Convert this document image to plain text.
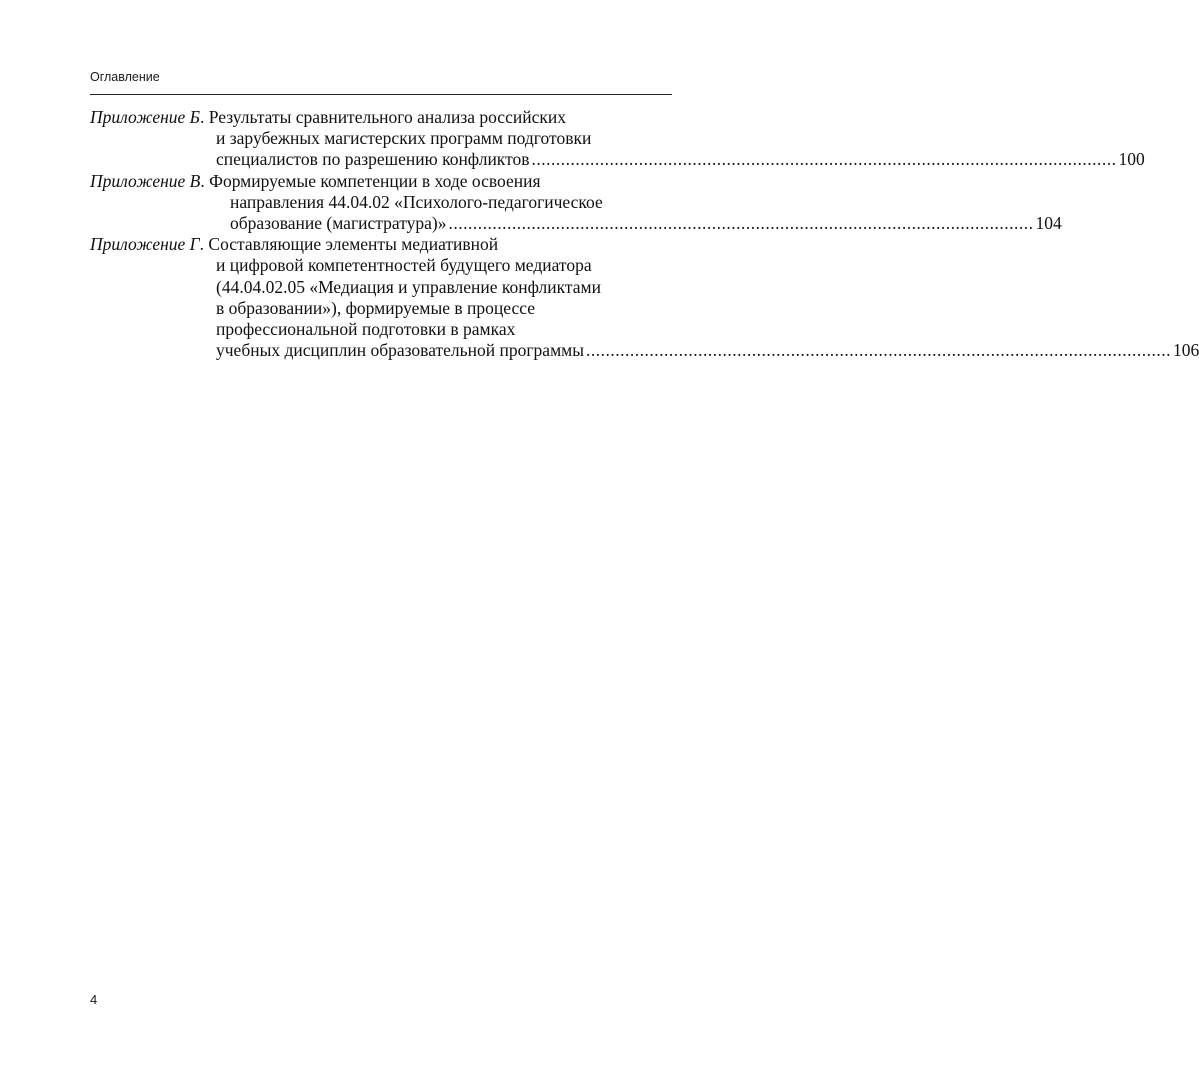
Оглавление
Приложение Б. Результаты сравнительного анализа российских
и зарубежных магистерских программ подготовки
специалистов по разрешению конфликтов ........................................................................................................................ 100
Приложение В. Формируемые компетенции в ходе освоения
направления 44.04.02 «Психолого-педагогическое
образование (магистратура)» ........................................................................................................................ 104
Приложение Г. Составляющие элементы медиативной
и цифровой компетентностей будущего медиатора
(44.04.02.05 «Медиация и управление конфликтами
в образовании»), формируемые в процессе
профессиональной подготовки в рамках
учебных дисциплин образовательной программы ........................................................................................................................ 106
4
